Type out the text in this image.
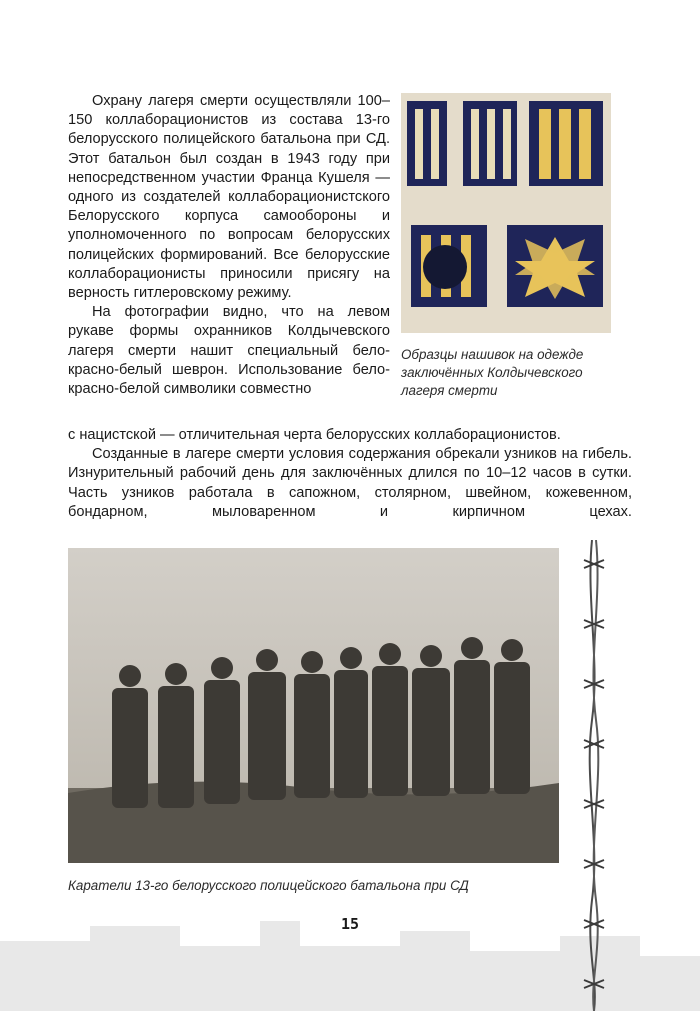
Охрану лагеря смерти осуществляли 100–150 коллаборационистов из состава 13-го белорусского полицейского батальона при СД. Этот батальон был создан в 1943 году при непосредственном участии Франца Кушеля — одного из создателей коллаборационистского Белорусского корпуса самообороны и уполномоченного по вопросам белорусских полицейских формирований. Все белорусские коллаборационисты приносили присягу на верность гитлеровскому режиму.

На фотографии видно, что на левом рукаве формы охранников Колдычевского лагеря смерти нашит специальный бело-красно-белый шеврон. Использование бело-красно-белой символики совместно

Образцы нашивок на одежде заключённых Колдычевского лагеря смерти

с нацистской — отличительная черта белорусских коллаборационистов.

Созданные в лагере смерти условия содержания обрекали узников на гибель. Изнурительный рабочий день для заключённых длился по 10–12 часов в сутки. Часть узников работала в сапожном, столярном, швейном, кожевенном, бондарном, мыловаренном и кирпичном цехах.

Каратели 13-го белорусского полицейского батальона при СД
15
